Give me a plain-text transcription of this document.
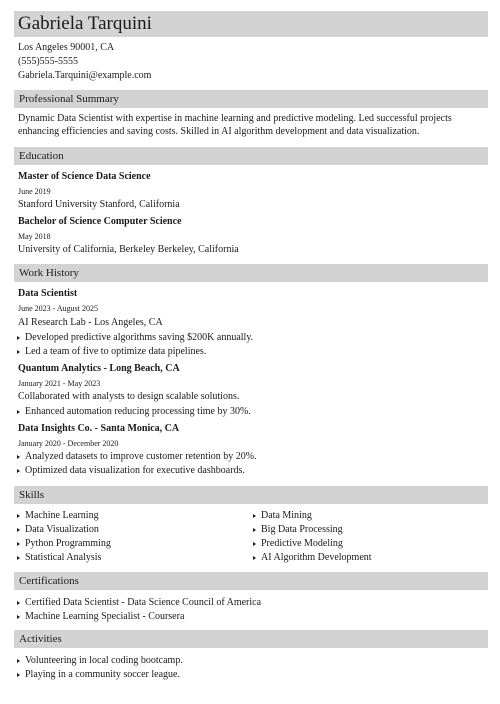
Gabriela Tarquini
Los Angeles 90001, CA
(555)555-5555
Gabriela.Tarquini@example.com
Professional Summary
Dynamic Data Scientist with expertise in machine learning and predictive modeling. Led successful projects enhancing efficiencies and saving costs. Skilled in AI algorithm development and data visualization.
Education
Master of Science Data Science
June 2019
Stanford University Stanford, California
Bachelor of Science Computer Science
May 2018
University of California, Berkeley Berkeley, California
Work History
Data Scientist
June 2023 - August 2025
AI Research Lab - Los Angeles, CA
Developed predictive algorithms saving $200K annually.
Led a team of five to optimize data pipelines.
Quantum Analytics - Long Beach, CA
January 2021 - May 2023
Collaborated with analysts to design scalable solutions.
Enhanced automation reducing processing time by 30%.
Data Insights Co. - Santa Monica, CA
January 2020 - December 2020
Analyzed datasets to improve customer retention by 20%.
Optimized data visualization for executive dashboards.
Skills
Machine Learning
Data Visualization
Python Programming
Statistical Analysis
Data Mining
Big Data Processing
Predictive Modeling
AI Algorithm Development
Certifications
Certified Data Scientist - Data Science Council of America
Machine Learning Specialist - Coursera
Activities
Volunteering in local coding bootcamp.
Playing in a community soccer league.
